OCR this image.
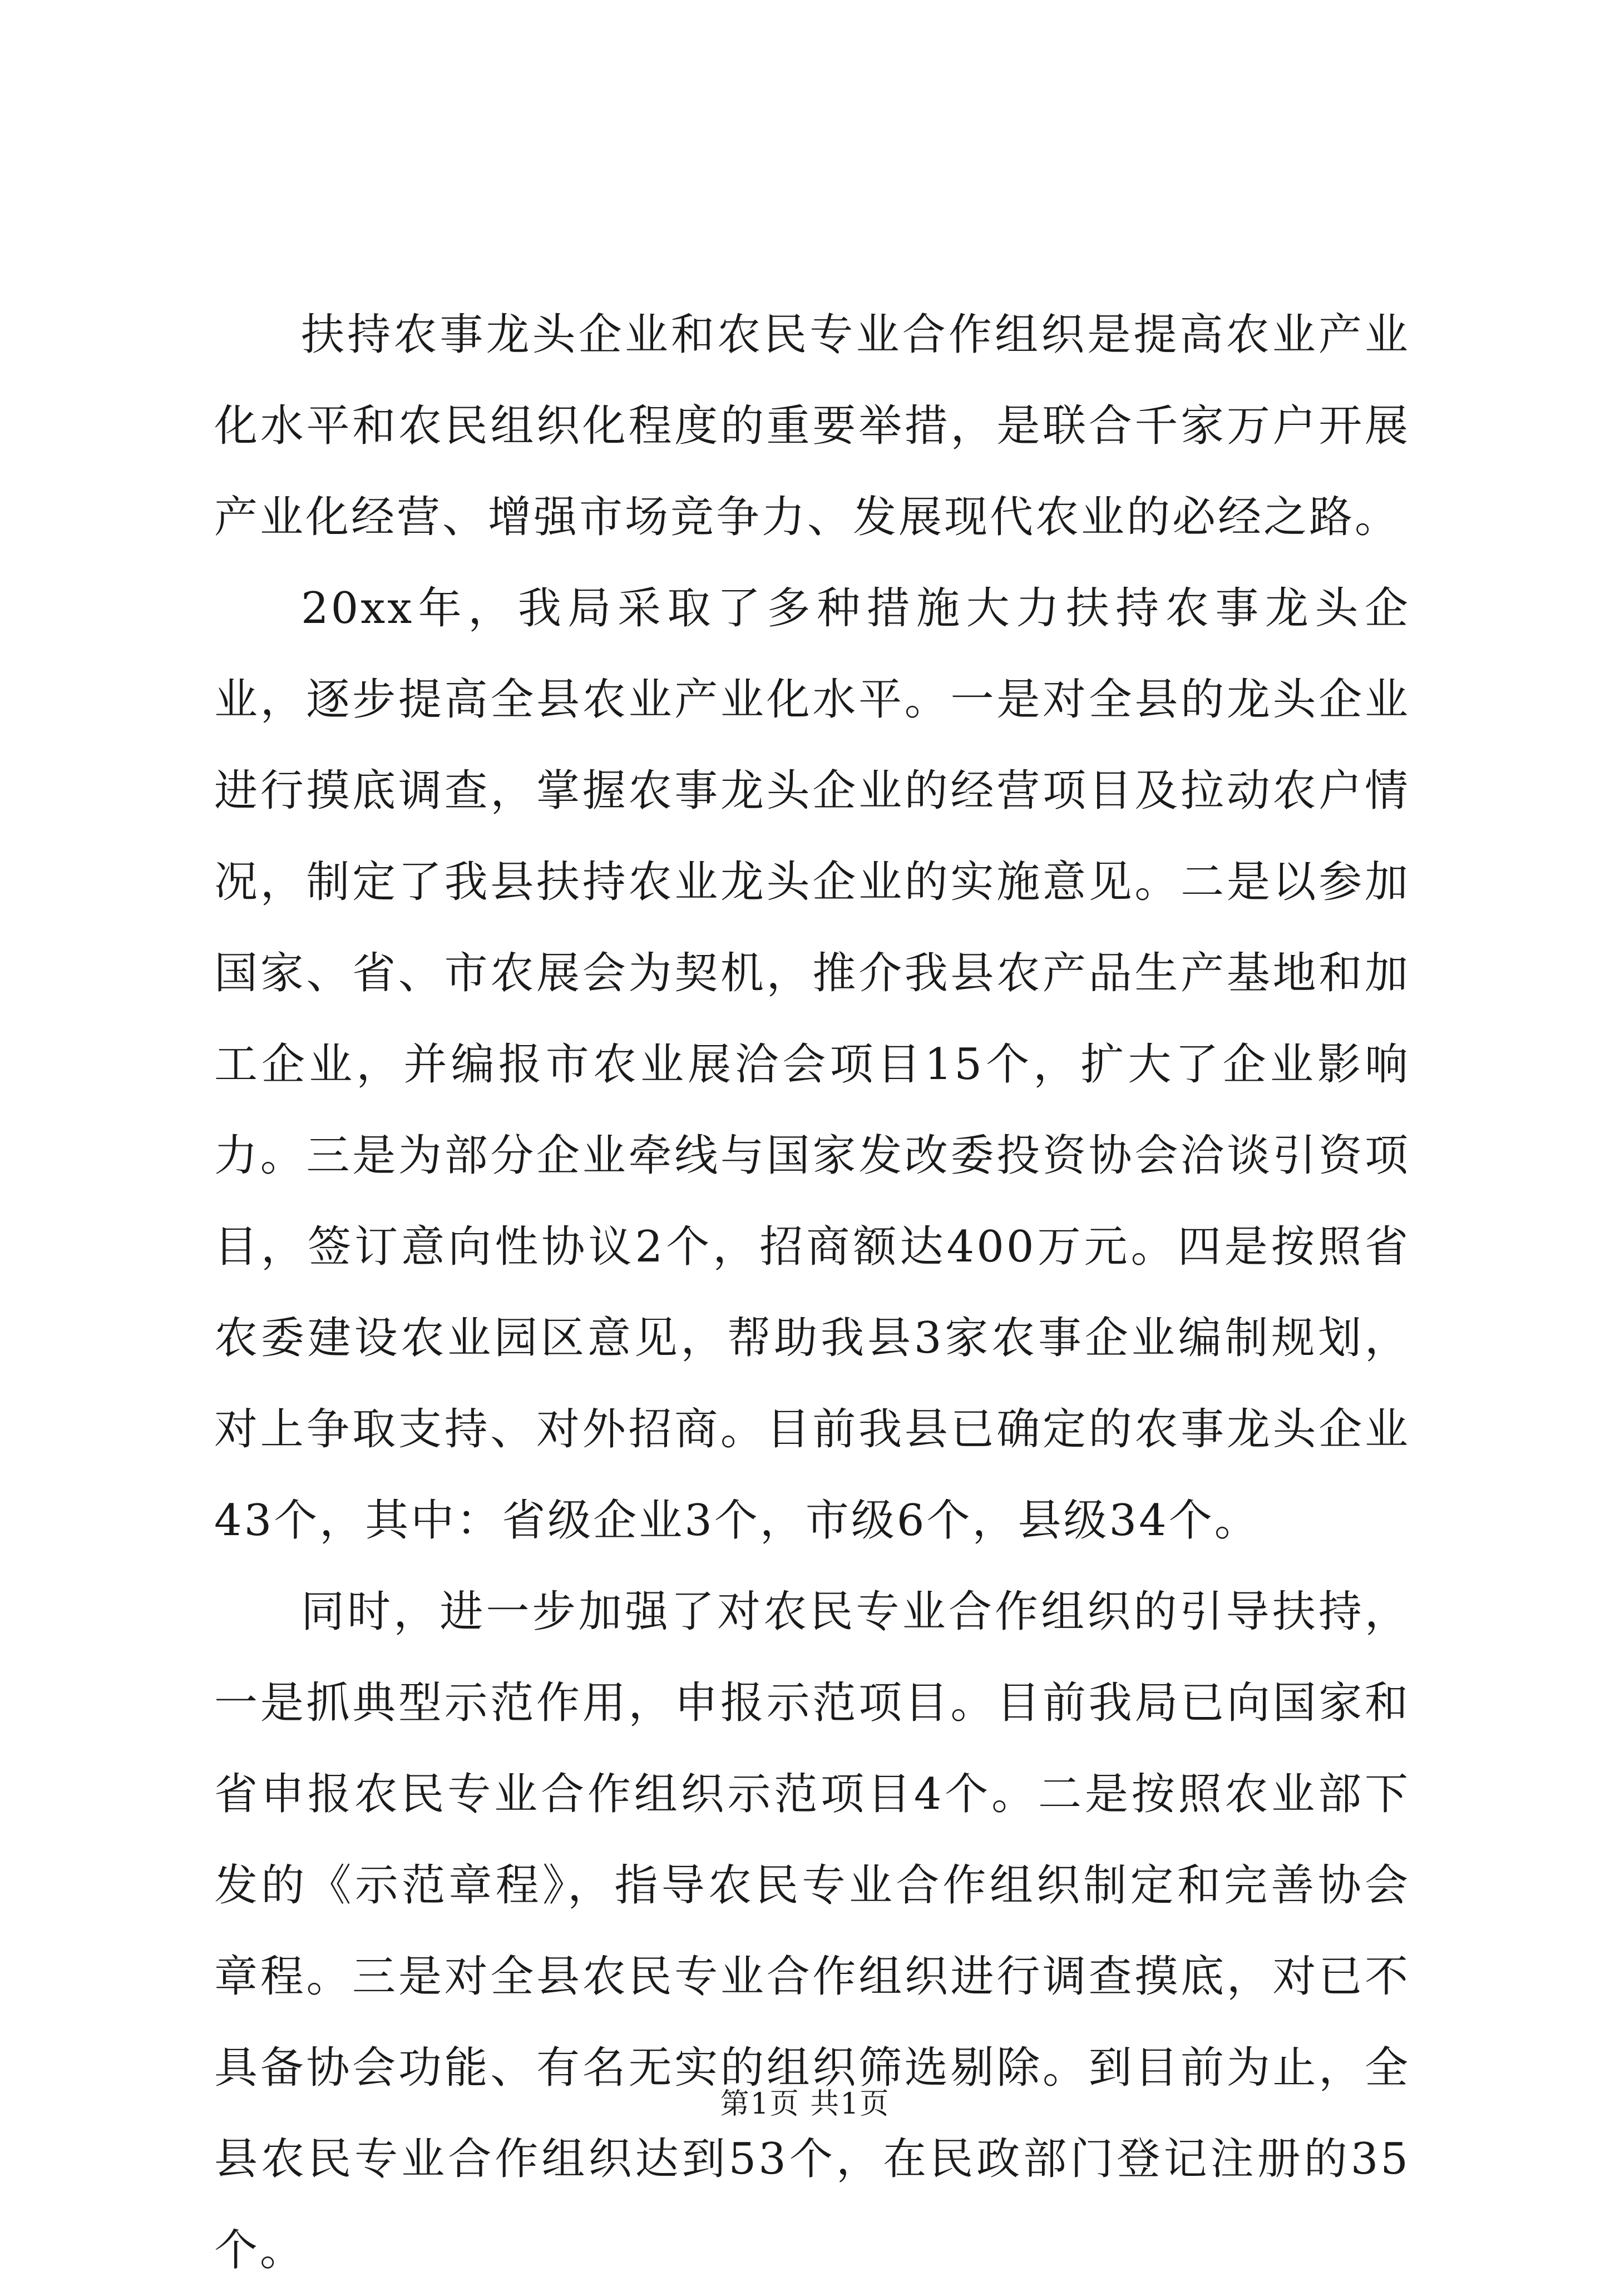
扶持农事龙头企业和农民专业合作组织是提高农业产业化水平和农民组织化程度的重要举措，是联合千家万户开展产业化经营、增强市场竞争力、发展现代农业的必经之路。

20xx年，我局采取了多种措施大力扶持农事龙头企业，逐步提高全县农业产业化水平。一是对全县的龙头企业进行摸底调查，掌握农事龙头企业的经营项目及拉动农户情况，制定了我县扶持农业龙头企业的实施意见。二是以参加国家、省、市农展会为契机，推介我县农产品生产基地和加工企业，并编报市农业展洽会项目15个，扩大了企业影响力。三是为部分企业牵线与国家发改委投资协会洽谈引资项目，签订意向性协议2个，招商额达400万元。四是按照省农委建设农业园区意见，帮助我县3家农事企业编制规划，对上争取支持、对外招商。目前我县已确定的农事龙头企业43个，其中：省级企业3个，市级6个，县级34个。

同时，进一步加强了对农民专业合作组织的引导扶持，一是抓典型示范作用，申报示范项目。目前我局已向国家和省申报农民专业合作组织示范项目4个。二是按照农业部下发的《示范章程》，指导农民专业合作组织制定和完善协会章程。三是对全县农民专业合作组织进行调查摸底，对已不具备协会功能、有名无实的组织筛选剔除。到目前为止，全县农民专业合作组织达到53个，在民政部门登记注册的35个。

第1页 共1页
